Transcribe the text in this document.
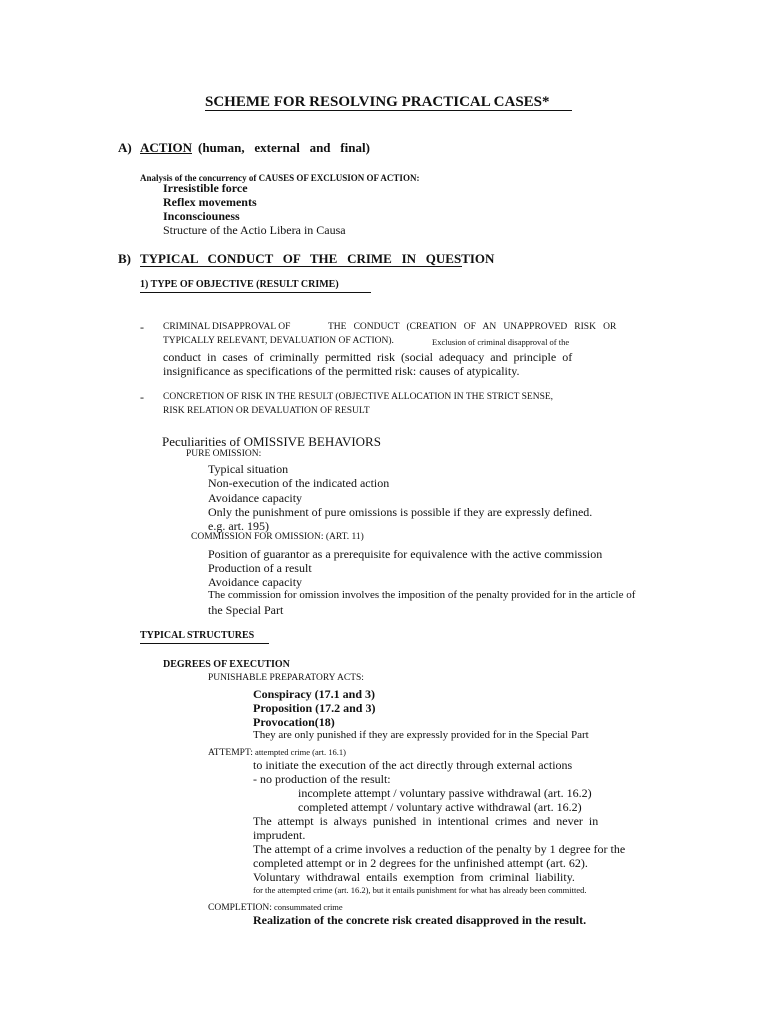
SCHEME FOR RESOLVING PRACTICAL CASES*
A) ACTION (human,   external   and   final)
Analysis of the concurrency of CAUSES OF EXCLUSION OF ACTION:
Irresistible force
Reflex movements
Inconsciouness
Structure of the Actio Libera in Causa
B) TYPICAL   CONDUCT   OF   THE   CRIME   IN   QUESTION
1) TYPE OF OBJECTIVE (RESULT CRIME)
- CRIMINAL DISAPPROVAL OF	THE   CONDUCT   (CREATION   OF   AN   UNAPPROVED   RISK   OR
TYPICALLY RELEVANT, DEVALUATION OF ACTION).	Exclusion of criminal disapproval of the
conduct  in  cases  of  criminally  permitted  risk  (social  adequacy  and  principle  of
insignificance as specifications of the permitted risk: causes of atypicality.
- CONCRETION OF RISK IN THE RESULT (OBJECTIVE ALLOCATION IN THE STRICT SENSE,
RISK RELATION OR DEVALUATION OF RESULT
Peculiarities of OMISSIVE BEHAVIORS
PURE OMISSION:
Typical situation
Non-execution of the indicated action
Avoidance capacity
Only the punishment of pure omissions is possible if they are expressly defined.
e.g. art. 195)
COMMISSION FOR OMISSION: (ART. 11)
Position of guarantor as a prerequisite for equivalence with the active commission
Production of a result
Avoidance capacity
The commission for omission involves the imposition of the penalty provided for in the article of
the Special Part
TYPICAL STRUCTURES
DEGREES OF EXECUTION
PUNISHABLE PREPARATORY ACTS:
Conspiracy (17.1 and 3)
Proposition (17.2 and 3)
Provocation(18)
They are only punished if they are expressly provided for in the Special Part
ATTEMPT: attempted crime (art. 16.1)
to initiate the execution of the act directly through external actions
- no production of the result:
incomplete attempt / voluntary passive withdrawal (art. 16.2)
completed attempt / voluntary active withdrawal (art. 16.2)
The  attempt  is  always  punished  in  intentional  crimes  and  never  in
imprudent.
The attempt of a crime involves a reduction of the penalty by 1 degree for the
completed attempt or in 2 degrees for the unfinished attempt (art. 62).
Voluntary  withdrawal  entails  exemption  from  criminal  liability.
for the attempted crime (art. 16.2), but it entails punishment for what has already been committed.
COMPLETION: consummated crime
Realization of the concrete risk created disapproved in the result.
